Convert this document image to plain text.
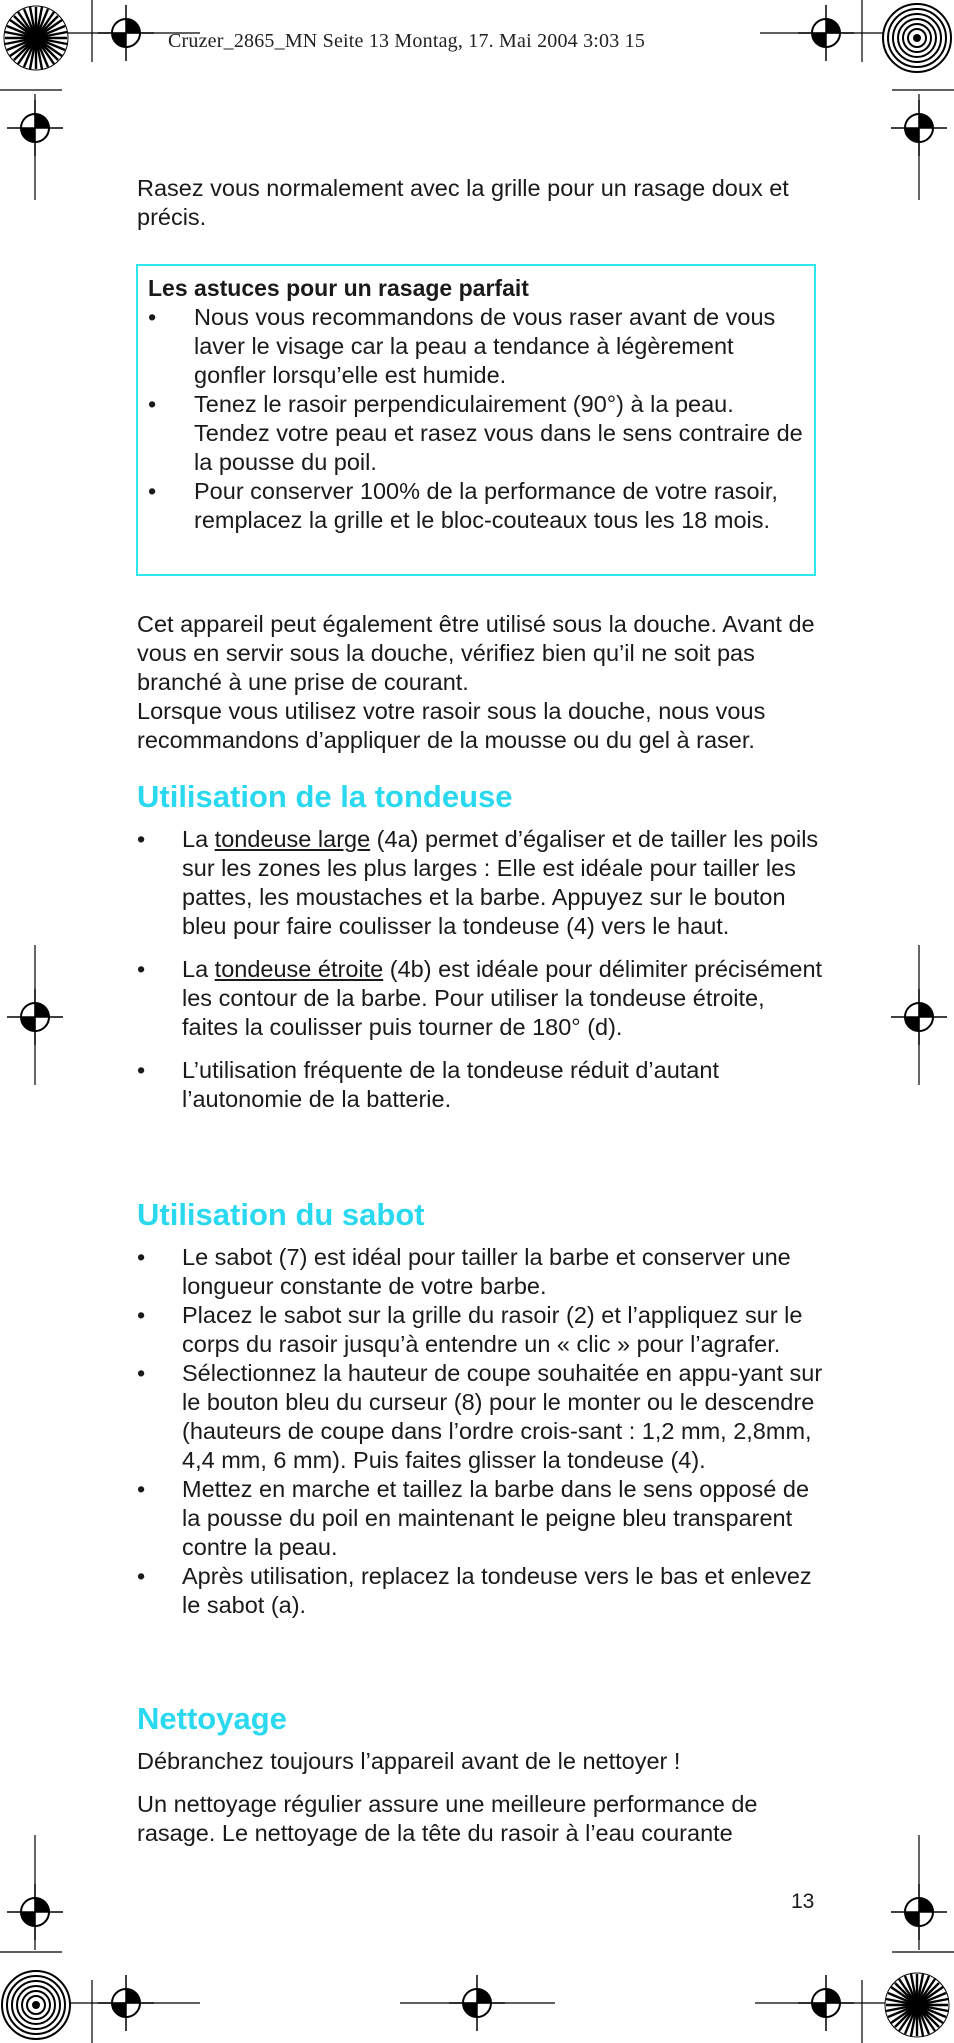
Cruzer_2865_MN Seite 13 Montag, 17. Mai 2004 3:03 15

Rasez vous normalement avec la grille pour un rasage doux et précis.

Les astuces pour un rasage parfait

• Nous vous recommandons de vous raser avant de vous laver le visage car la peau a tendance à légèrement gonfler lorsqu’elle est humide.
• Tenez le rasoir perpendiculairement (90°) à la peau. Tendez votre peau et rasez vous dans le sens contraire de la pousse du poil.
• Pour conserver 100% de la performance de votre rasoir, remplacez la grille et le bloc-couteaux tous les 18 mois.

Cet appareil peut également être utilisé sous la douche. Avant de vous en servir sous la douche, vérifiez bien qu’il ne soit pas branché à une prise de courant.

Lorsque vous utilisez votre rasoir sous la douche, nous vous recommandons d’appliquer de la mousse ou du gel à raser.

Utilisation de la tondeuse
• La tondeuse large (4a) permet d’égaliser et de tailler les poils sur les zones les plus larges : Elle est idéale pour tailler les pattes, les moustaches et la barbe. Appuyez sur le bouton bleu pour faire coulisser la tondeuse (4) vers le haut.
• La tondeuse étroite (4b) est idéale pour délimiter précisément les contour de la barbe. Pour utiliser la tondeuse étroite, faites la coulisser puis tourner de 180° (d).
• L’utilisation fréquente de la tondeuse réduit d’autant l’autonomie de la batterie.
Utilisation du sabot
• Le sabot (7) est idéal pour tailler la barbe et conserver une longueur constante de votre barbe.
• Placez le sabot sur la grille du rasoir (2) et l’appliquez sur le corps du rasoir jusqu’à entendre un « clic » pour l’agrafer.
• Sélectionnez la hauteur de coupe souhaitée en appu-yant sur le bouton bleu du curseur (8) pour le monter ou le descendre (hauteurs de coupe dans l’ordre crois-sant : 1,2 mm, 2,8mm, 4,4 mm, 6 mm). Puis faites glisser la tondeuse (4).
• Mettez en marche et taillez la barbe dans le sens opposé de la pousse du poil en maintenant le peigne bleu transparent contre la peau.
• Après utilisation, replacez la tondeuse vers le bas et enlevez le sabot (a).
Nettoyage

Débranchez toujours l’appareil avant de le nettoyer !

Un nettoyage régulier assure une meilleure performance de rasage. Le nettoyage de la tête du rasoir à l’eau courante

13
